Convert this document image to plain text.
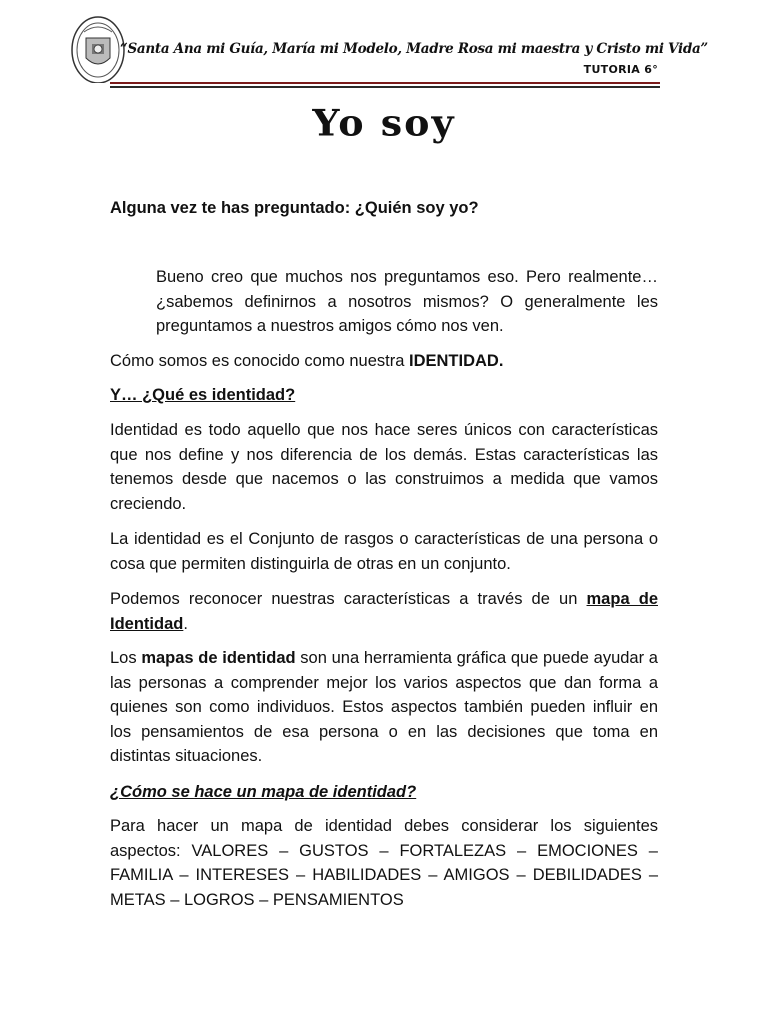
“Santa Ana mi Guía, María mi Modelo, Madre Rosa mi maestra y Cristo mi Vida”
TUTORIA 6°
Yo soy
Alguna vez te has preguntado: ¿Quién soy yo?

Bueno creo que muchos nos preguntamos eso. Pero realmente… ¿sabemos definirnos a nosotros mismos? O generalmente les preguntamos a nuestros amigos cómo nos ven.

Cómo somos es conocido como nuestra IDENTIDAD.

Y… ¿Qué es identidad?

Identidad es todo aquello que nos hace seres únicos con características que nos define y nos diferencia de los demás. Estas características las tenemos desde que nacemos o las construimos a medida que vamos creciendo.

La identidad es el Conjunto de rasgos o características de una persona o cosa que permiten distinguirla de otras en un conjunto.

Podemos reconocer nuestras características a través de un mapa de Identidad.

Los mapas de identidad son una herramienta gráfica que puede ayudar a las personas a comprender mejor los varios aspectos que dan forma a quienes son como individuos. Estos aspectos también pueden influir en los pensamientos de esa persona o en las decisiones que toma en distintas situaciones.

¿Cómo se hace un mapa de identidad?

Para hacer un mapa de identidad debes considerar los siguientes aspectos: VALORES – GUSTOS – FORTALEZAS – EMOCIONES – FAMILIA – INTERESES – HABILIDADES – AMIGOS – DEBILIDADES – METAS – LOGROS – PENSAMIENTOS
